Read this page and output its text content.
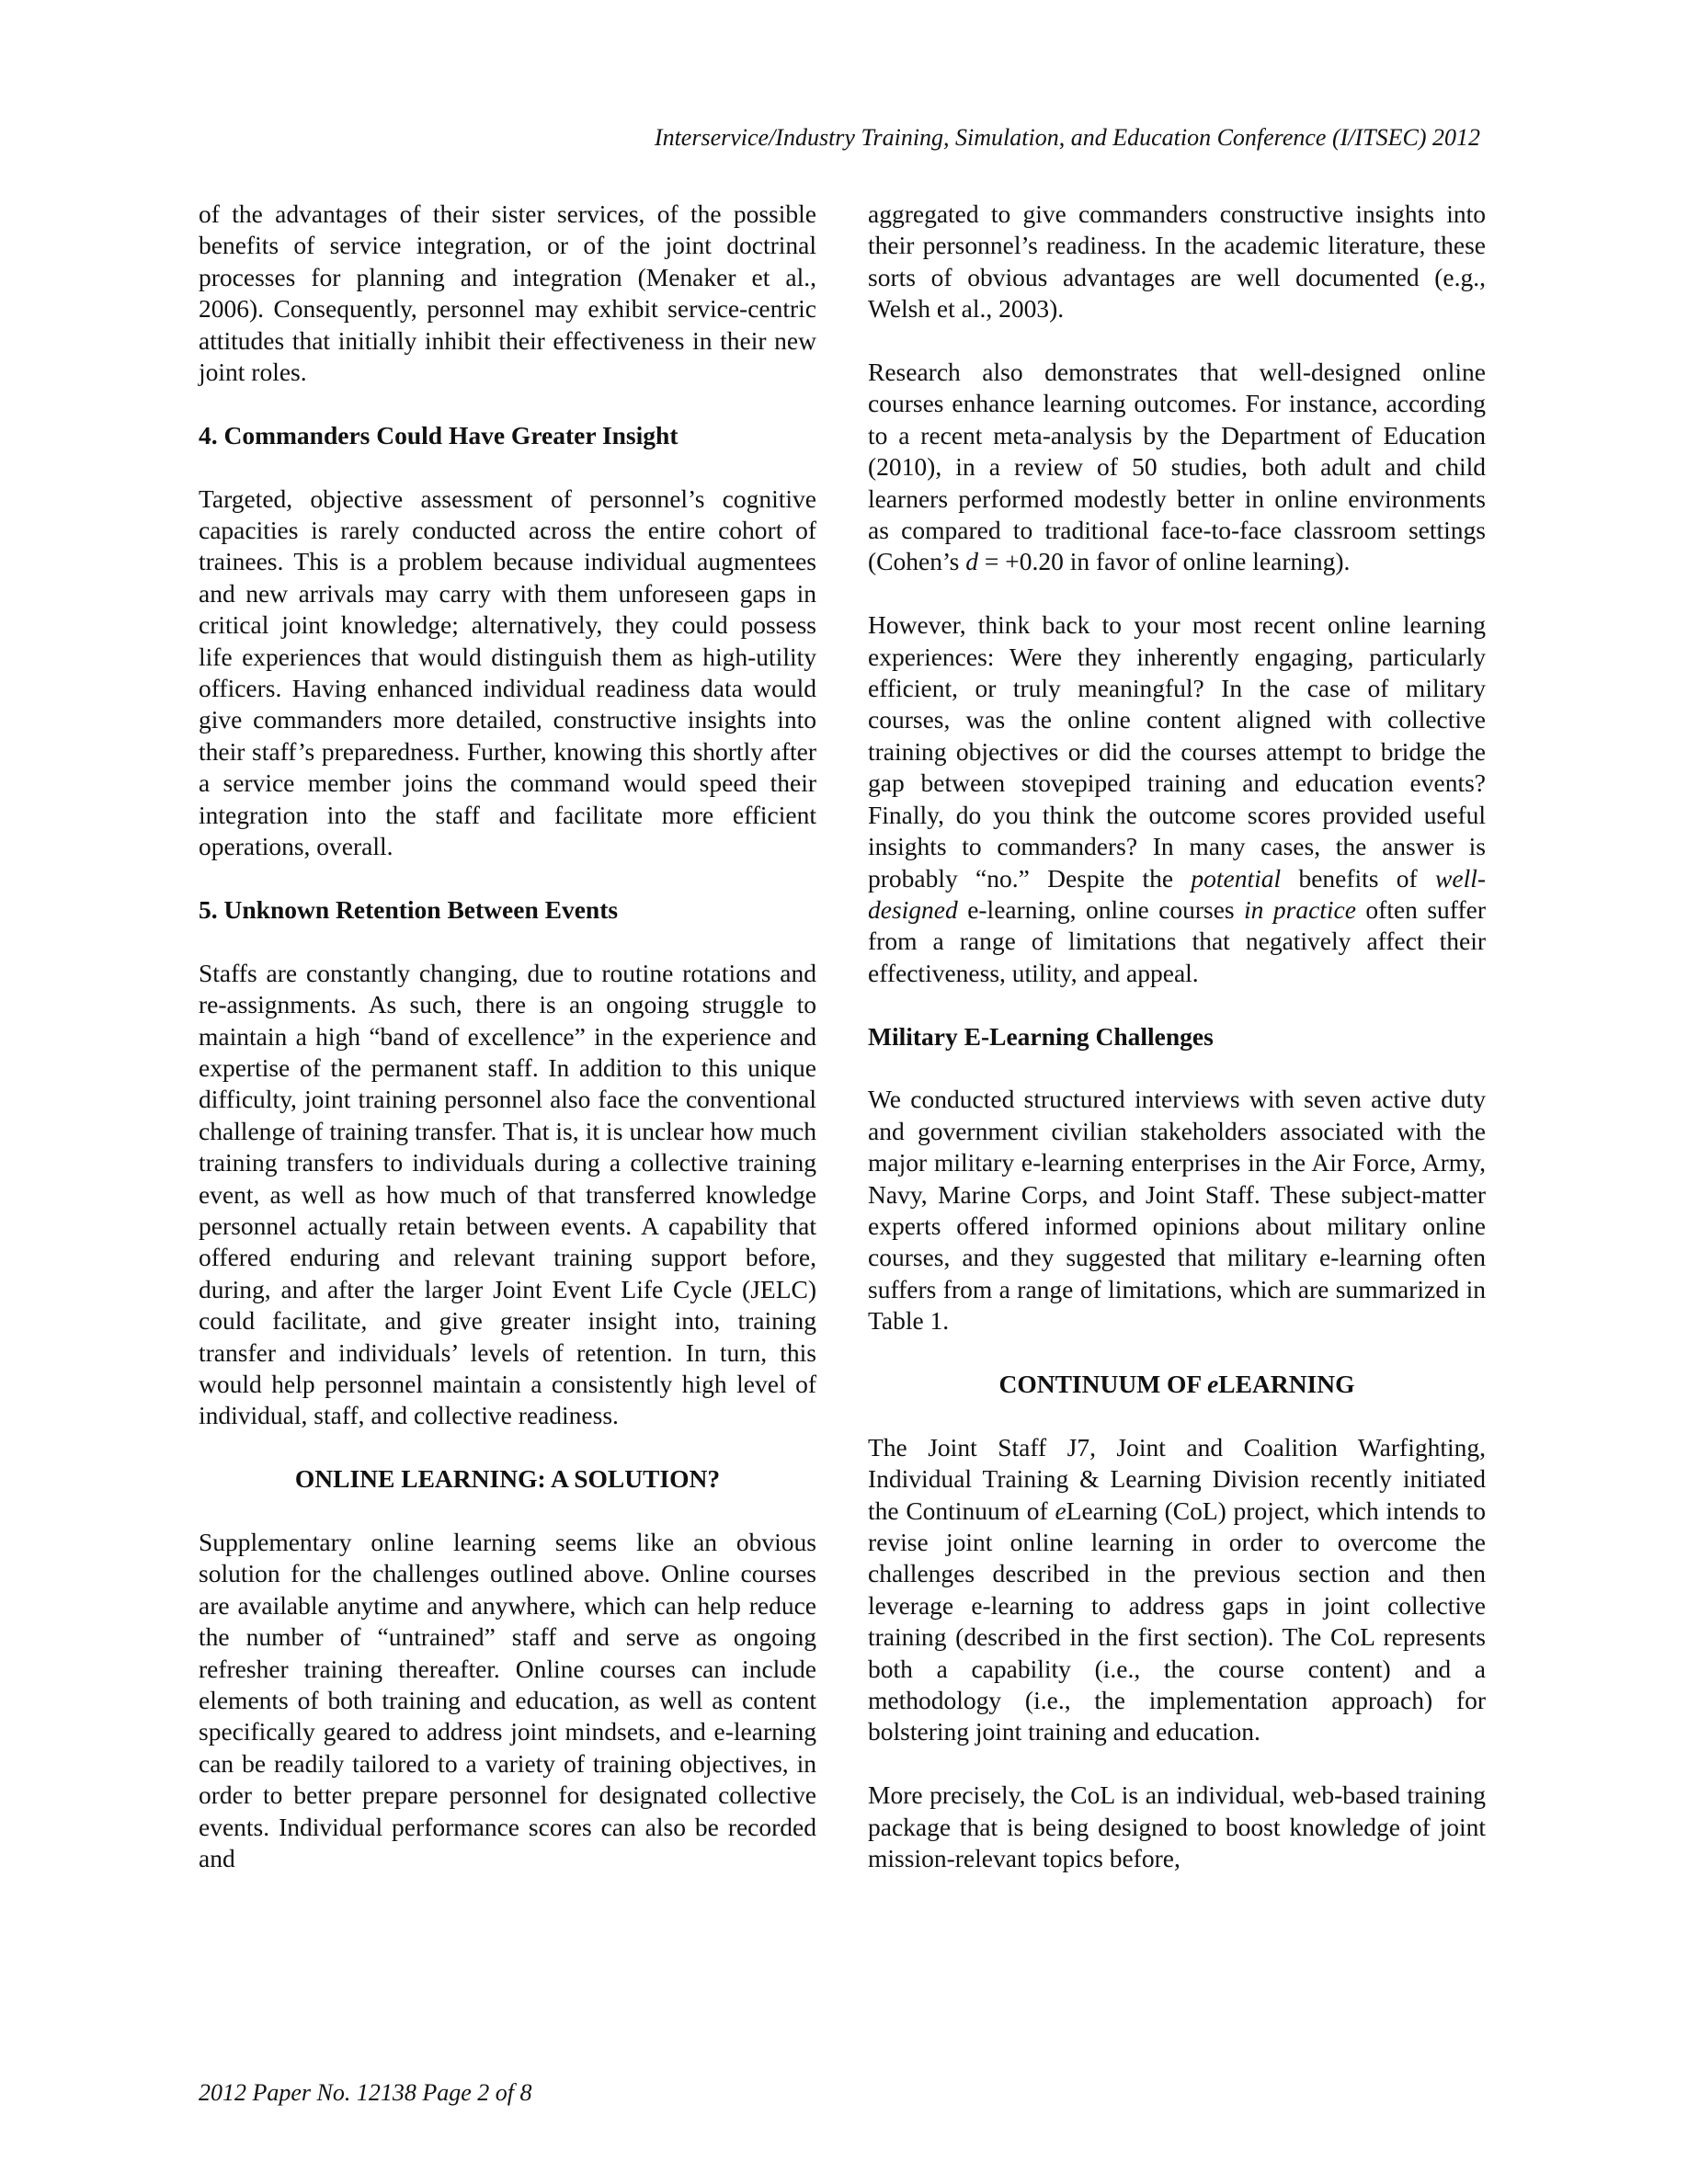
Interservice/Industry Training, Simulation, and Education Conference (I/ITSEC) 2012

of the advantages of their sister services, of the possible benefits of service integration, or of the joint doctrinal processes for planning and integration (Menaker et al., 2006). Consequently, personnel may exhibit service-centric attitudes that initially inhibit their effectiveness in their new joint roles.

4. Commanders Could Have Greater Insight

Targeted, objective assessment of personnel’s cognitive capacities is rarely conducted across the entire cohort of trainees. This is a problem because individual augmentees and new arrivals may carry with them unforeseen gaps in critical joint knowledge; alternatively, they could possess life experiences that would distinguish them as high-utility officers. Having enhanced individual readiness data would give commanders more detailed, constructive insights into their staff’s preparedness. Further, knowing this shortly after a service member joins the command would speed their integration into the staff and facilitate more efficient operations, overall.

5. Unknown Retention Between Events

Staffs are constantly changing, due to routine rotations and re-assignments. As such, there is an ongoing struggle to maintain a high “band of excellence” in the experience and expertise of the permanent staff. In addition to this unique difficulty, joint training personnel also face the conventional challenge of training transfer. That is, it is unclear how much training transfers to individuals during a collective training event, as well as how much of that transferred knowledge personnel actually retain between events. A capability that offered enduring and relevant training support before, during, and after the larger Joint Event Life Cycle (JELC) could facilitate, and give greater insight into, training transfer and individuals’ levels of retention. In turn, this would help personnel maintain a consistently high level of individual, staff, and collective readiness.

ONLINE LEARNING: A SOLUTION?

Supplementary online learning seems like an obvious solution for the challenges outlined above. Online courses are available anytime and anywhere, which can help reduce the number of “untrained” staff and serve as ongoing refresher training thereafter. Online courses can include elements of both training and education, as well as content specifically geared to address joint mindsets, and e-learning can be readily tailored to a variety of training objectives, in order to better prepare personnel for designated collective events. Individual performance scores can also be recorded and

aggregated to give commanders constructive insights into their personnel’s readiness. In the academic literature, these sorts of obvious advantages are well documented (e.g., Welsh et al., 2003).

Research also demonstrates that well-designed online courses enhance learning outcomes. For instance, according to a recent meta-analysis by the Department of Education (2010), in a review of 50 studies, both adult and child learners performed modestly better in online environments as compared to traditional face-to-face classroom settings (Cohen’s d = +0.20 in favor of online learning).

However, think back to your most recent online learning experiences: Were they inherently engaging, particularly efficient, or truly meaningful? In the case of military courses, was the online content aligned with collective training objectives or did the courses attempt to bridge the gap between stovepiped training and education events? Finally, do you think the outcome scores provided useful insights to commanders? In many cases, the answer is probably “no.” Despite the potential benefits of well-designed e-learning, online courses in practice often suffer from a range of limitations that negatively affect their effectiveness, utility, and appeal.

Military E-Learning Challenges

We conducted structured interviews with seven active duty and government civilian stakeholders associated with the major military e-learning enterprises in the Air Force, Army, Navy, Marine Corps, and Joint Staff. These subject-matter experts offered informed opinions about military online courses, and they suggested that military e-learning often suffers from a range of limitations, which are summarized in Table 1.

CONTINUUM OF eLEARNING

The Joint Staff J7, Joint and Coalition Warfighting, Individual Training & Learning Division recently initiated the Continuum of eLearning (CoL) project, which intends to revise joint online learning in order to overcome the challenges described in the previous section and then leverage e-learning to address gaps in joint collective training (described in the first section). The CoL represents both a capability (i.e., the course content) and a methodology (i.e., the implementation approach) for bolstering joint training and education.

More precisely, the CoL is an individual, web-based training package that is being designed to boost knowledge of joint mission-relevant topics before,

2012 Paper No. 12138 Page 2 of 8
